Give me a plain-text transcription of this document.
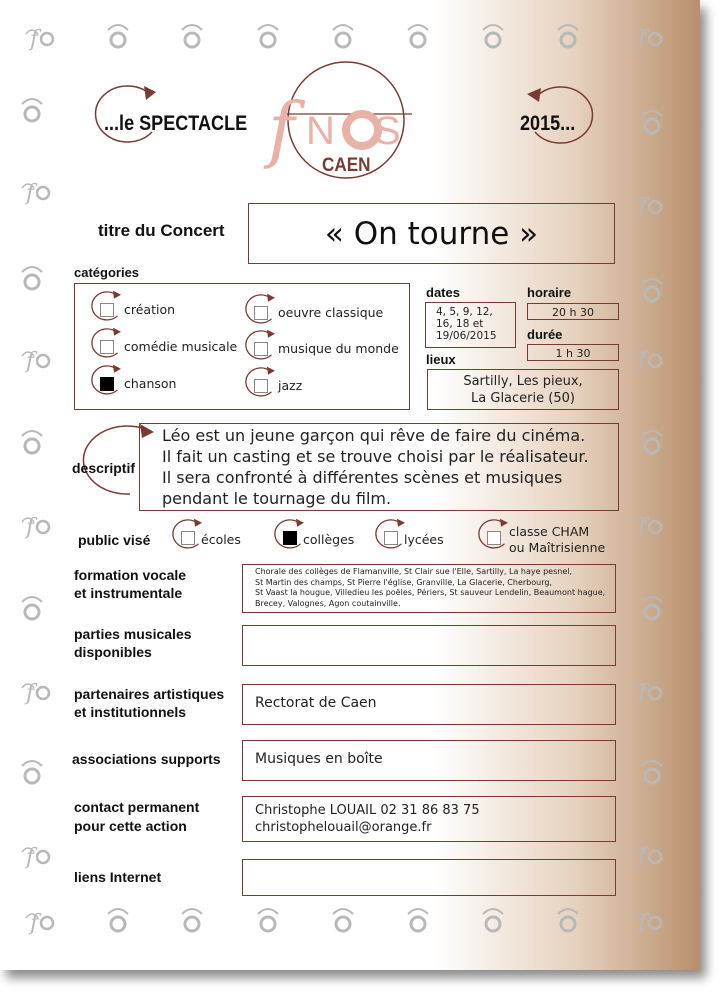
f
...le SPECTACLE f N S
CAEN
2015...
titre du Concert	« On tourne »
catégories
création	oeuvre classique
comédie musicale	musique du monde
chanson	jazz
dates
4, 5, 9, 12,
16, 18 et
19/06/2015
horaire
20 h 30
durée
1 h 30
lieux
Sartilly, Les pieux,
La Glacerie (50)
descriptif
Léo est un jeune garçon qui rêve de faire du cinéma.
Il fait un casting et se trouve choisi par le réalisateur.
Il sera confronté à différentes scènes et musiques
pendant le tournage du film.
public visé	écoles	collèges	lycées
classe CHAM
ou Maîtrisienne
formation vocale
et instrumentale
Chorale des collèges de Flamanville, St Clair sue l'Elle, Sartilly, La haye pesnel,
St Martin des champs, St Pierre l'église, Granville, La Glacerie, Cherbourg,
St Vaast la hougue, Villedieu les poëles, Périers, St sauveur Lendelin, Beaumont hague,
Brecey, Valognes, Agon coutainville.
parties musicales
disponibles
partenaires artistiques
et institutionnels
Rectorat de Caen
associations supports Musiques en boîte
contact permanent
pour cette action
Christophe LOUAIL 02 31 86 83 75
christophelouail@orange.fr
liens Internet
